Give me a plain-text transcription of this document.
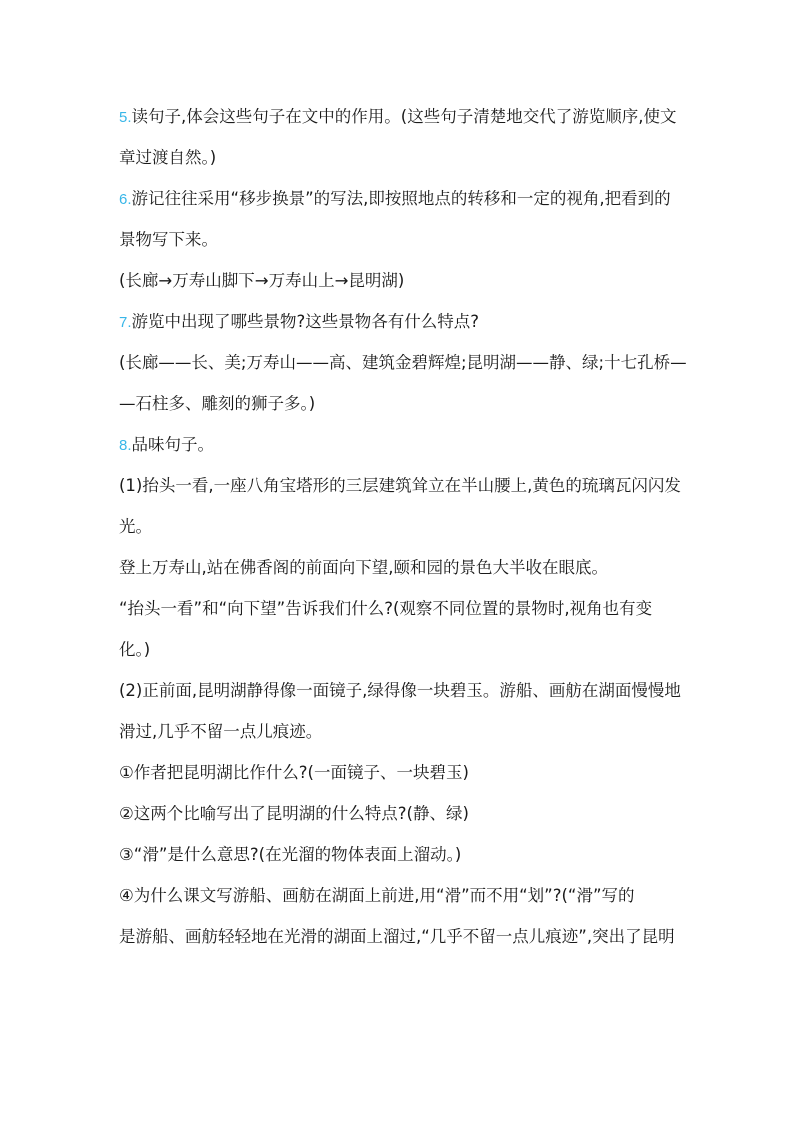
5.读句子,体会这些句子在文中的作用。(这些句子清楚地交代了游览顺序,使文
章过渡自然。)
6.游记往往采用“移步换景”的写法,即按照地点的转移和一定的视角,把看到的
景物写下来。
(长廊→万寿山脚下→万寿山上→昆明湖)
7.游览中出现了哪些景物?这些景物各有什么特点?
(长廊——长、美;万寿山——高、建筑金碧辉煌;昆明湖——静、绿;十七孔桥—
—石柱多、雕刻的狮子多。)
8.品味句子。
(1)抬头一看,一座八角宝塔形的三层建筑耸立在半山腰上,黄色的琉璃瓦闪闪发
光。
登上万寿山,站在佛香阁的前面向下望,颐和园的景色大半收在眼底。
“抬头一看”和“向下望”告诉我们什么?(观察不同位置的景物时,视角也有变
化。)
(2)正前面,昆明湖静得像一面镜子,绿得像一块碧玉。游船、画舫在湖面慢慢地
滑过,几乎不留一点儿痕迹。
①作者把昆明湖比作什么?(一面镜子、一块碧玉)
②这两个比喻写出了昆明湖的什么特点?(静、绿)
③“滑”是什么意思?(在光溜的物体表面上溜动。)
④为什么课文写游船、画舫在湖面上前进,用“滑”而不用“划”?(“滑”写的
是游船、画舫轻轻地在光滑的湖面上溜过,“几乎不留一点儿痕迹”,突出了昆明
